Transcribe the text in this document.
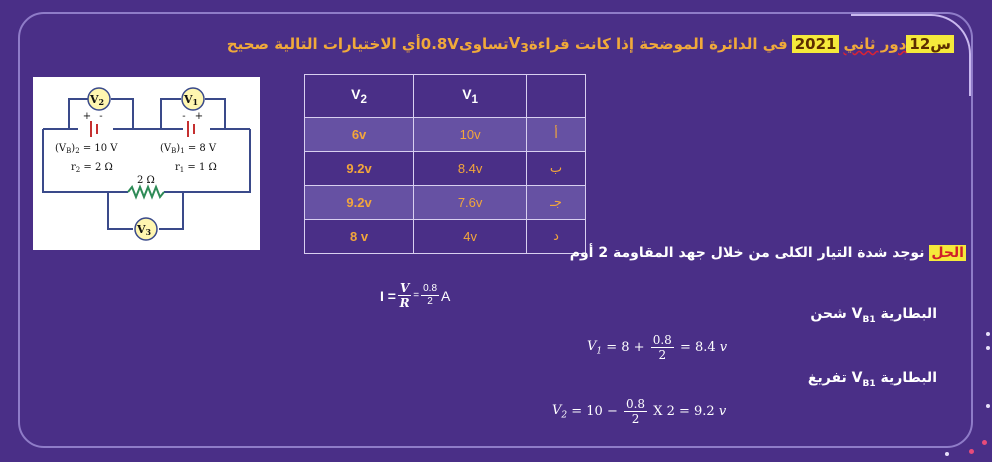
س12
دور ثاني
2021
في الدائرة الموضحة إذا كانت قراءة
$V_3$
تساوى
0.8V
أي الاختيارات التالية صحيح
V2	V1
V3
+ -	- +
$(V_B)_2 = 10$ V
$r_2 = 2$ Ω
$(V_B)_1 = 8$ V
$r_1 = 1$ Ω
2 Ω
$V_2$	$V_1$	
6v	10v	أ
9.2v	8.4v	ب
9.2v	7.6v	جـ
8 v	4v	د
الحل نوجد شدة التيار الكلى من خلال جهد المقاومة 2 أوم
$I = \frac{V}{R} = \frac{0.8}{2}$ A
البطارية $V_{B1}$ شحن
البطارية $V_{B1}$ تفريغ
$V_1 = 8 + \frac{0.8}{2} = 8.4$ v
$V_2 = 10 - \frac{0.8}{2}$ X 2 = 9.2 v
